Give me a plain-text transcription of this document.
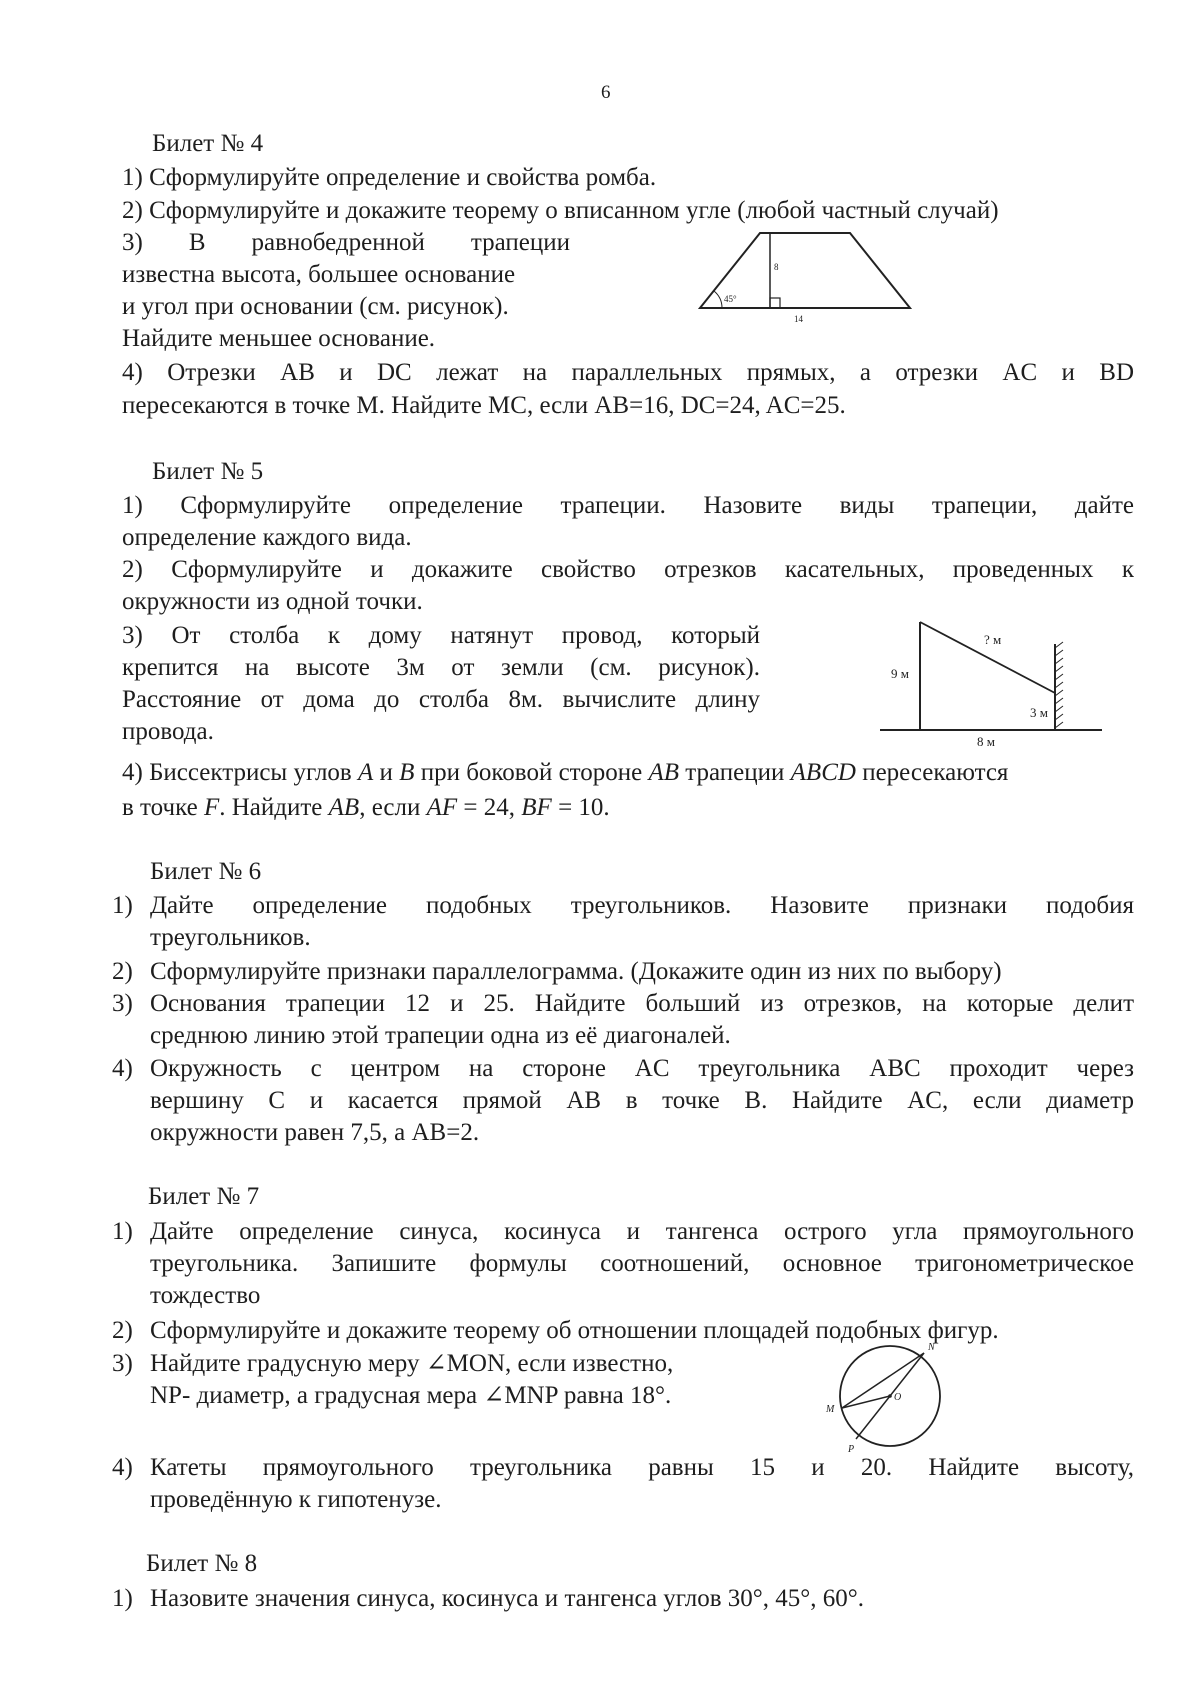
6
Билет № 4
1) Сформулируйте определение и свойства ромба.
2) Сформулируйте и докажите теорему о вписанном угле (любой частный случай)
3) В равнобедренной трапеции
известна высота, большее основание
и угол при основании (см. рисунок).
Найдите меньшее основание.
45°
8
14
4) Отрезки AB и DC лежат на параллельных прямых, а отрезки AC и BD
пересекаются в точке М. Найдите МС, если AB=16, DC=24, AC=25.
Билет № 5
1) Сформулируйте определение трапеции. Назовите виды трапеции, дайте
определение каждого вида.
2) Сформулируйте и докажите свойство отрезков касательных, проведенных к
окружности из одной точки.
3) От столба к дому натянут провод, который
крепится на высоте 3м от земли (см. рисунок).
Расстояние от дома до столба 8м. вычислите длину
провода.
? м
9 м
3 м
8 м
4) Биссектрисы углов A и B при боковой стороне AB трапеции ABCD пересекаются
в точке F. Найдите AB, если AF = 24, BF = 10.
Билет № 6
1) Дайте определение подобных треугольников. Назовите признаки подобия
треугольников.
2) Сформулируйте признаки параллелограмма. (Докажите один из них по выбору)
3) Основания трапеции 12 и 25. Найдите больший из отрезков, на которые делит
среднюю линию этой трапеции одна из её диагоналей.
4) Окружность с центром на стороне AC треугольника ABC проходит через
вершину C и касается прямой AB в точке B. Найдите AC, если диаметр
окружности равен 7,5, а AB=2.
Билет № 7
1) Дайте определение синуса, косинуса и тангенса острого угла прямоугольного
треугольника. Запишите формулы соотношений, основное тригонометрическое
тождество
2) Сформулируйте и докажите теорему об отношении площадей подобных фигур.
3) Найдите градусную меру ∠MON, если известно,
NP- диаметр, а градусная мера ∠MNP равна 18°.
N
M
O
P
4) Катеты прямоугольного треугольника равны 15 и 20. Найдите высоту,
проведённую к гипотенузе.
Билет № 8
1) Назовите значения синуса, косинуса и тангенса углов 30°, 45°, 60°.
